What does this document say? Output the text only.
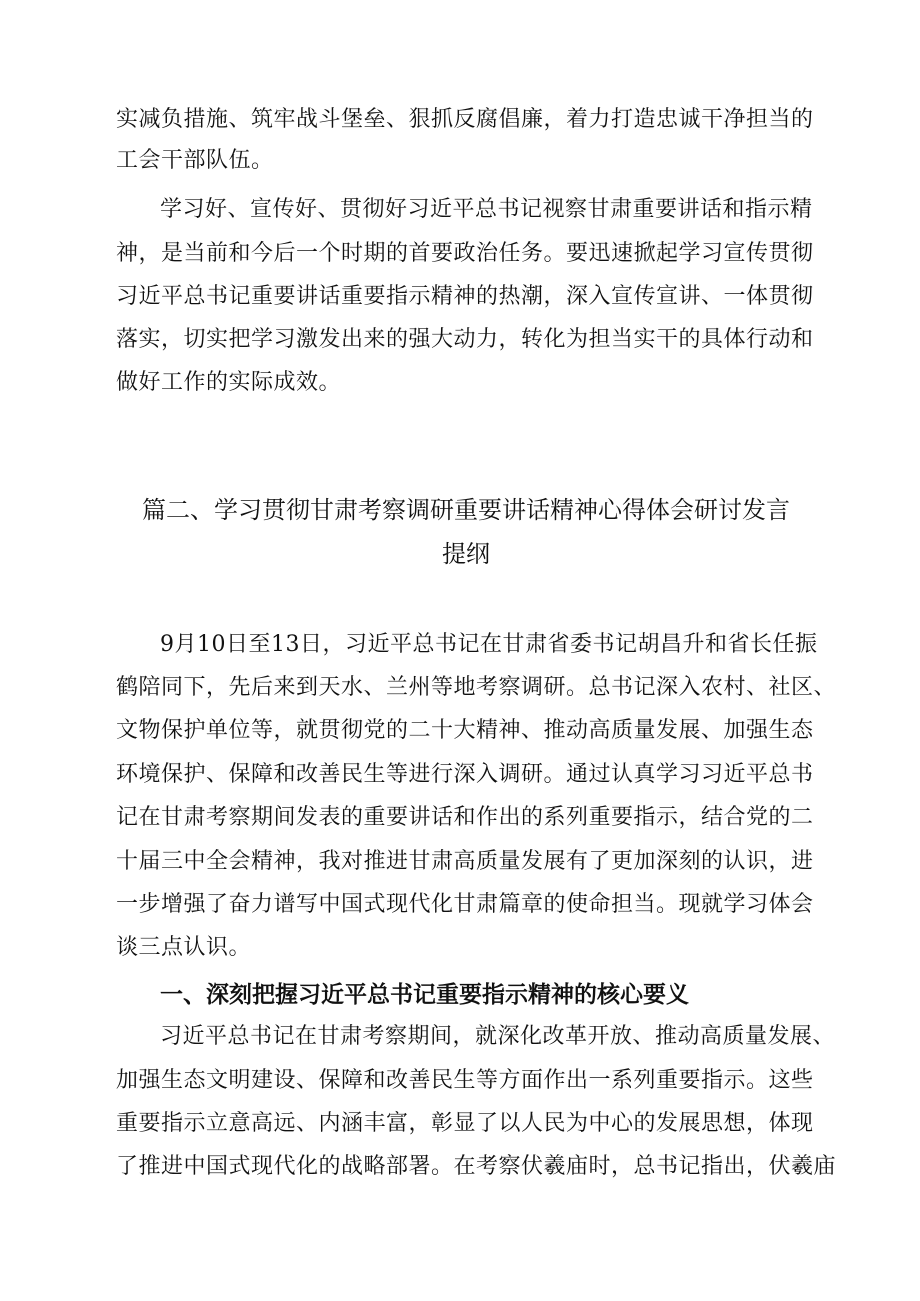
实减负措施、筑牢战斗堡垒、狠抓反腐倡廉，着力打造忠诚干净担当的
工会干部队伍。
学习好、宣传好、贯彻好习近平总书记视察甘肃重要讲话和指示精
神，是当前和今后一个时期的首要政治任务。要迅速掀起学习宣传贯彻
习近平总书记重要讲话重要指示精神的热潮，深入宣传宣讲、一体贯彻
落实，切实把学习激发出来的强大动力，转化为担当实干的具体行动和
做好工作的实际成效。
篇二、学习贯彻甘肃考察调研重要讲话精神心得体会研讨发言
提纲
9月10日至13日，习近平总书记在甘肃省委书记胡昌升和省长任振
鹤陪同下，先后来到天水、兰州等地考察调研。总书记深入农村、社区、
文物保护单位等，就贯彻党的二十大精神、推动高质量发展、加强生态
环境保护、保障和改善民生等进行深入调研。通过认真学习习近平总书
记在甘肃考察期间发表的重要讲话和作出的系列重要指示，结合党的二
十届三中全会精神，我对推进甘肃高质量发展有了更加深刻的认识，进
一步增强了奋力谱写中国式现代化甘肃篇章的使命担当。现就学习体会
谈三点认识。
一、深刻把握习近平总书记重要指示精神的核心要义
习近平总书记在甘肃考察期间，就深化改革开放、推动高质量发展、
加强生态文明建设、保障和改善民生等方面作出一系列重要指示。这些
重要指示立意高远、内涵丰富，彰显了以人民为中心的发展思想，体现
了推进中国式现代化的战略部署。在考察伏羲庙时，总书记指出，伏羲庙
